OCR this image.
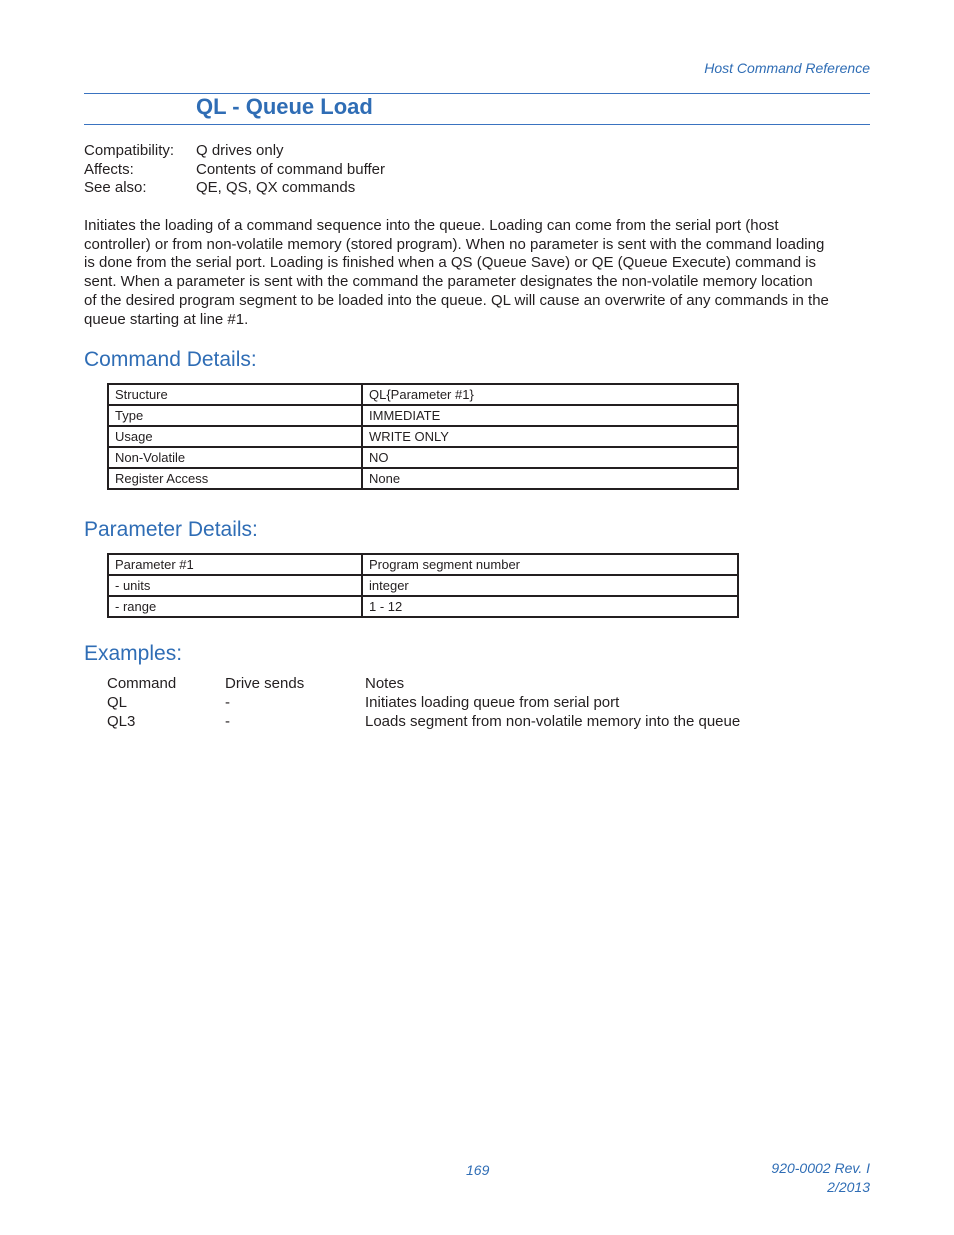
Host Command Reference
QL - Queue Load
Compatibility:	Q drives only
Affects:	Contents of command buffer
See also:	QE, QS, QX commands

Initiates the loading of a command sequence into the queue. Loading can come from the serial port (host

controller) or from non-volatile memory (stored program). When no parameter is sent with the command loading

is done from the serial port. Loading is finished when a QS (Queue Save) or QE (Queue Execute) command is

sent. When a parameter is sent with the command the parameter designates the non-volatile memory location

of the desired program segment to be loaded into the queue. QL will cause an overwrite of any commands in the

queue starting at line #1.

Command Details:
Structure	QL{Parameter #1}
Type	IMMEDIATE
Usage	WRITE ONLY
Non-Volatile	NO
Register Access	None
Parameter Details:
Parameter #1	Program segment number
- units	integer
- range	1 - 12
Examples:
Command	Drive sends	Notes
QL	-	Initiates loading queue from serial port
QL3	-	Loads segment from non-volatile memory into the queue
169	920-0002 Rev. I
2/2013
